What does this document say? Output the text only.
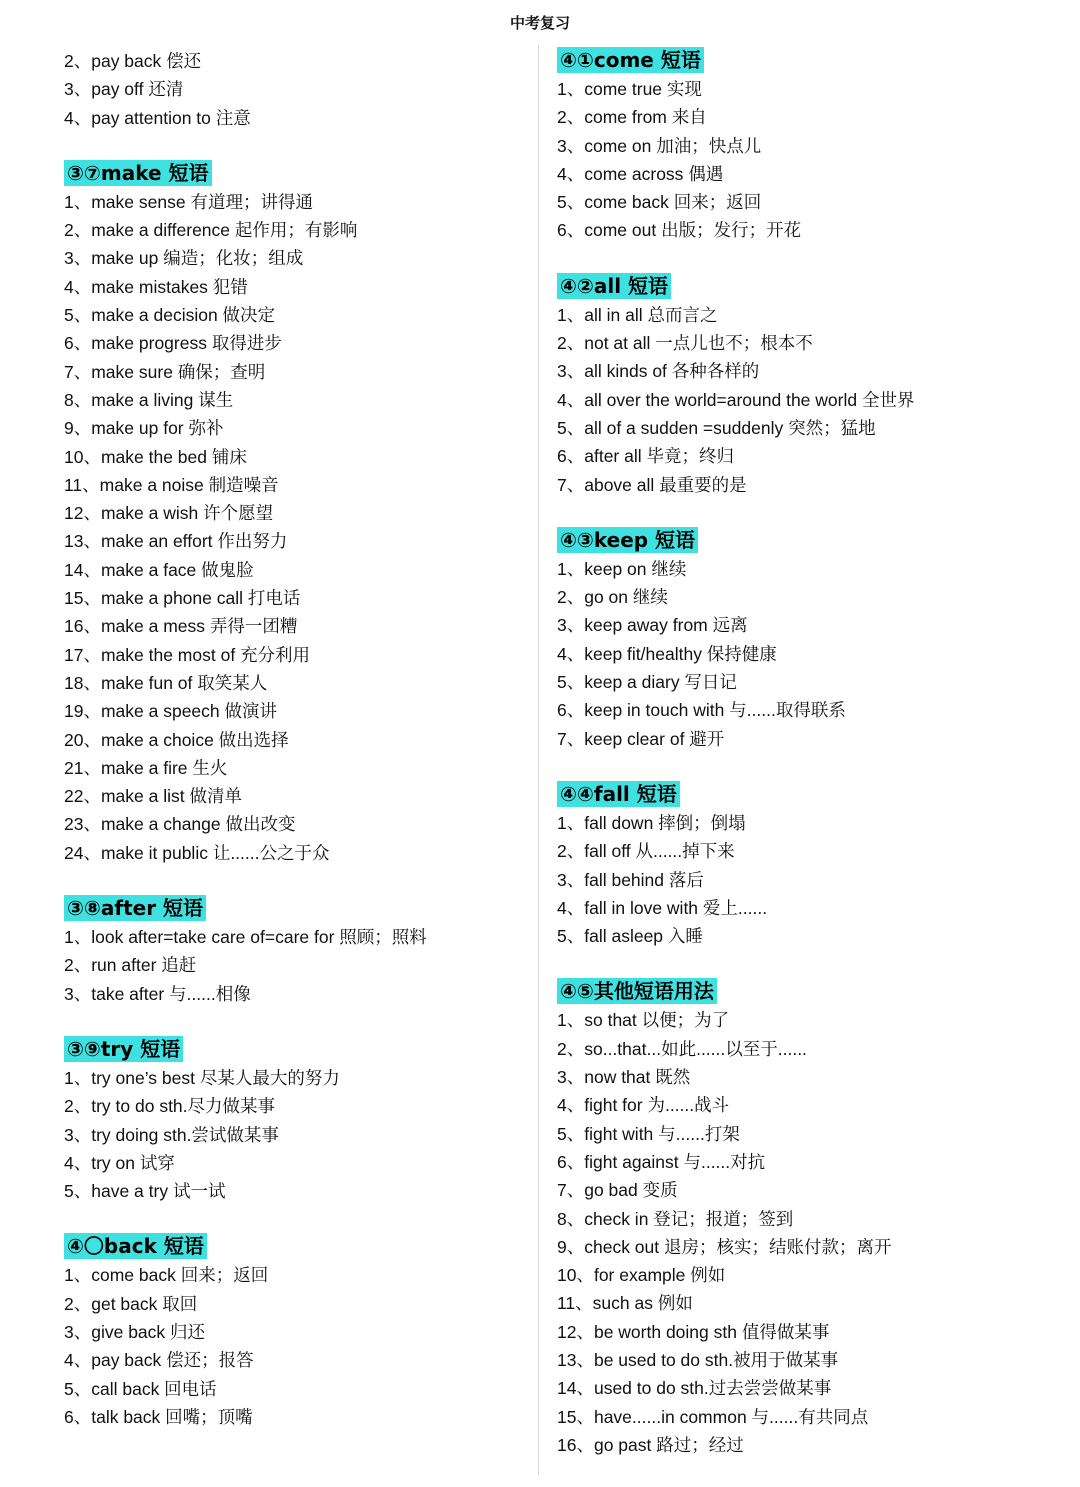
中考复习
2、pay back 偿还
3、pay off 还清
4、pay attention to 注意
③⑦make 短语
1、make sense 有道理；讲得通
2、make a difference 起作用；有影响
3、make up 编造；化妆；组成
4、make mistakes 犯错
5、make a decision 做决定
6、make progress 取得进步
7、make sure 确保；查明
8、make a living 谋生
9、make up for 弥补
10、make the bed 铺床
11、make a noise 制造噪音
12、make a wish 许个愿望
13、make an effort 作出努力
14、make a face 做鬼脸
15、make a phone call 打电话
16、make a mess 弄得一团糟
17、make the most of 充分利用
18、make fun of 取笑某人
19、make a speech 做演讲
20、make a choice 做出选择
21、make a fire 生火
22、make a list 做清单
23、make a change 做出改变
24、make it public 让......公之于众
③⑧after 短语
1、look after=take care of=care for 照顾；照料
2、run after 追赶
3、take after 与......相像
③⑨try 短语
1、try one’s best 尽某人最大的努力
2、try to do sth.尽力做某事
3、try doing sth.尝试做某事
4、try on 试穿
5、have a try 试一试
④〇back 短语
1、come back 回来；返回
2、get back 取回
3、give back 归还
4、pay back 偿还；报答
5、call back 回电话
6、talk back 回嘴；顶嘴
④①come 短语
1、come true 实现
2、come from 来自
3、come on 加油；快点儿
4、come across 偶遇
5、come back 回来；返回
6、come out 出版；发行；开花
④②all 短语
1、all in all 总而言之
2、not at all 一点儿也不；根本不
3、all kinds of 各种各样的
4、all over the world=around the world 全世界
5、all of a sudden =suddenly 突然；猛地
6、after all 毕竟；终归
7、above all 最重要的是
④③keep 短语
1、keep on 继续
2、go on 继续
3、keep away from 远离
4、keep fit/healthy 保持健康
5、keep a diary 写日记
6、keep in touch with 与......取得联系
7、keep clear of 避开
④④fall 短语
1、fall down 摔倒；倒塌
2、fall off 从......掉下来
3、fall behind 落后
4、fall in love with 爱上......
5、fall asleep 入睡
④⑤其他短语用法
1、so that 以便；为了
2、so...that...如此......以至于......
3、now that 既然
4、fight for 为......战斗
5、fight with 与......打架
6、fight against 与......对抗
7、go bad 变质
8、check in 登记；报道；签到
9、check out 退房；核实；结账付款；离开
10、for example 例如
11、such as 例如
12、be worth doing sth 值得做某事
13、be used to do sth.被用于做某事
14、used to do sth.过去尝尝做某事
15、have......in common 与......有共同点
16、go past 路过；经过
